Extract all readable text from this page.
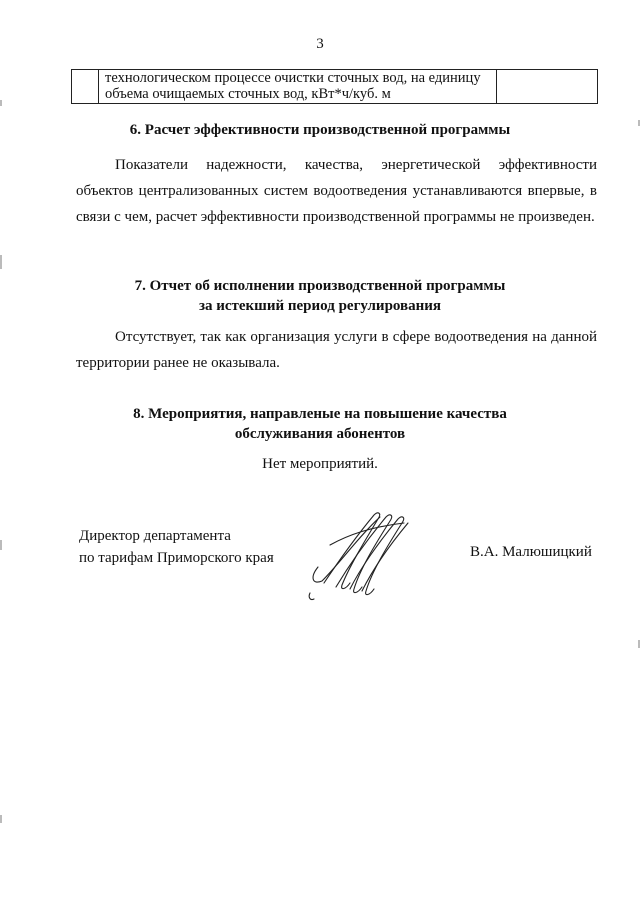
3

технологическом процессе очистки сточных вод, на единицу
объема очищаемых сточных вод, кВт*ч/куб. м

6. Расчет эффективности производственной программы

Показатели надежности, качества, энергетической эффективности объектов централизованных систем водоотведения устанавливаются впервые, в связи с чем, расчет эффективности производственной программы не произведен.

7. Отчет об исполнении производственной программы
за истекший период регулирования

Отсутствует, так как организация услуги в сфере водоотведения на данной территории ранее не оказывала.

8. Мероприятия, направленые на повышение качества
обслуживания абонентов
Нет мероприятий.
Директор департамента
по тарифам Приморского края	В.А. Малюшицкий
